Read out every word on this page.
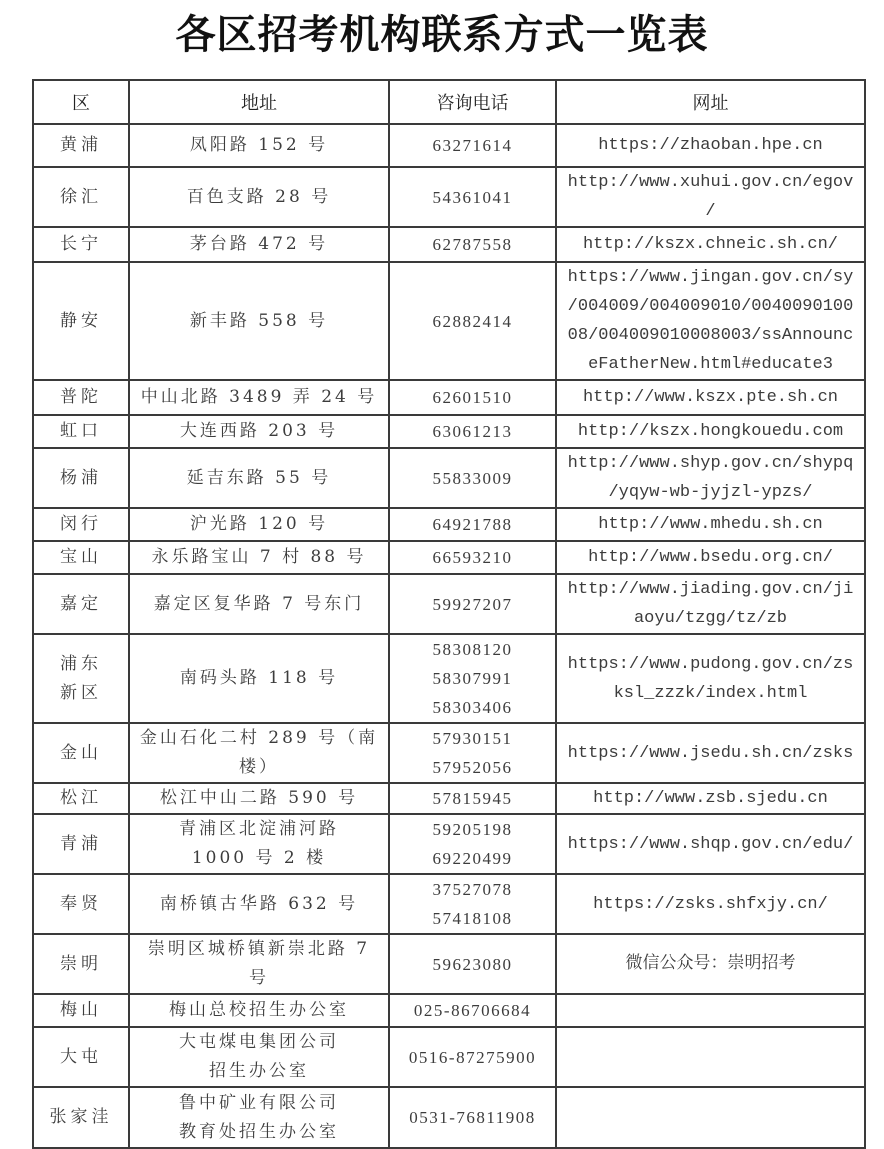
各区招考机构联系方式一览表
区	地址	咨询电话	网址

黄浦	凤阳路 152 号	63271614	https://zhaoban.hpe.cn

徐汇	百色支路 28 号	54361041	http://www.xuhui.gov.cn/egov
/

长宁	茅台路 472 号	62787558	http://kszx.chneic.sh.cn/

静安	新丰路 558 号	62882414	https://www.jingan.gov.cn/sy
/004009/004009010/0040090100
08/004009010008003/ssAnnounc
eFatherNew.html#educate3

普陀	中山北路 3489 弄 24 号	62601510	http://www.kszx.pte.sh.cn

虹口	大连西路 203 号	63061213	http://kszx.hongkouedu.com

杨浦	延吉东路 55 号	55833009	http://www.shyp.gov.cn/shypq
/yqyw-wb-jyjzl-ypzs/

闵行	沪光路 120 号	64921788	http://www.mhedu.sh.cn

宝山	永乐路宝山 7 村 88 号	66593210	http://www.bsedu.org.cn/

嘉定	嘉定区复华路 7 号东门	59927207	http://www.jiading.gov.cn/ji
aoyu/tzgg/tz/zb

浦东
新区	南码头路 118 号	58308120
58307991
58303406	https://www.pudong.gov.cn/zs
ksl_zzzk/index.html

金山	金山石化二村 289 号（南
楼）	57930151
57952056	https://www.jsedu.sh.cn/zsks

松江	松江中山二路 590 号	57815945	http://www.zsb.sjedu.cn

青浦	青浦区北淀浦河路
1000 号 2 楼	59205198
69220499	https://www.shqp.gov.cn/edu/

奉贤	南桥镇古华路 632 号	37527078
57418108	https://zsks.shfxjy.cn/

崇明	崇明区城桥镇新崇北路 7 号	59623080	微信公众号：崇明招考

梅山	梅山总校招生办公室	025-86706684	

大屯	大屯煤电集团公司
招生办公室	0516-87275900	

张家洼	鲁中矿业有限公司
教育处招生办公室	0531-76811908	
